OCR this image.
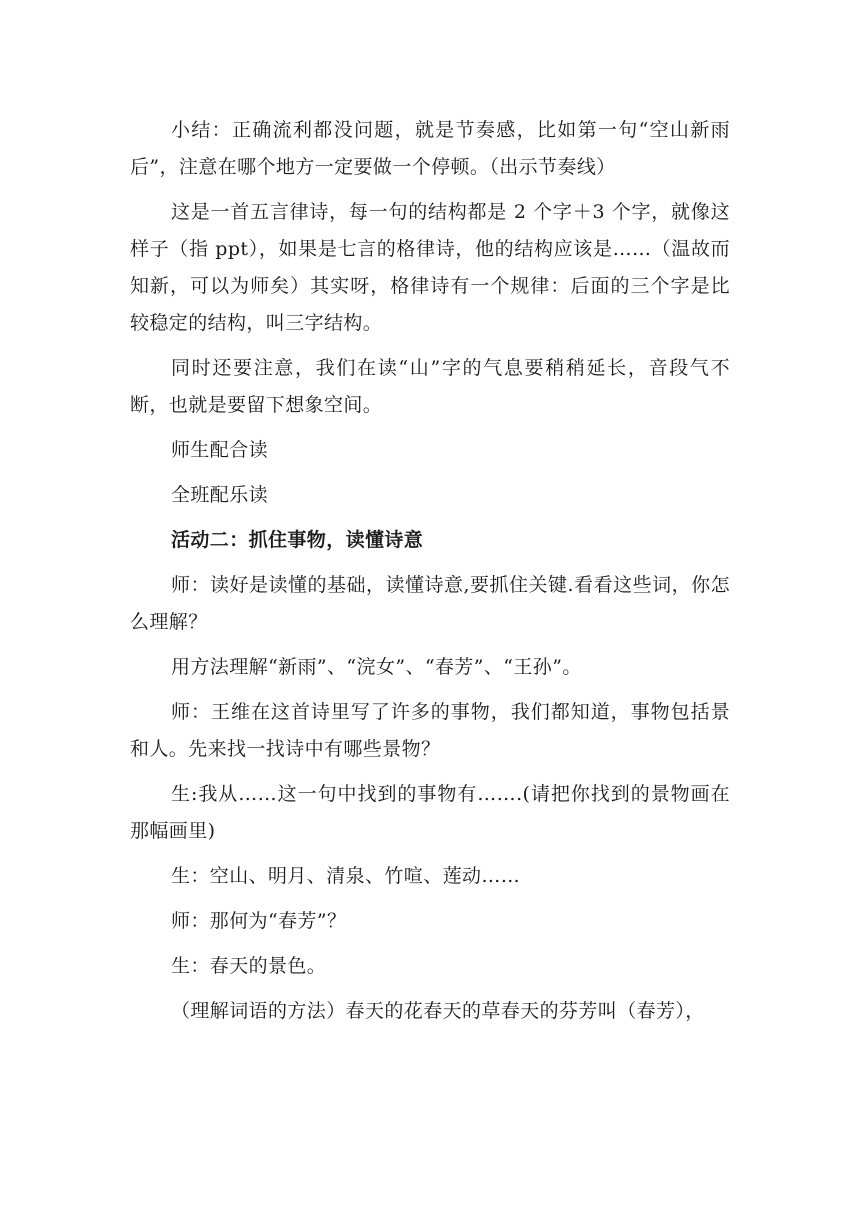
小结：正确流利都没问题，就是节奏感，比如第一句“空山新雨后”，注意在哪个地方一定要做一个停顿。（出示节奏线）

这是一首五言律诗，每一句的结构都是 2 个字＋3 个字，就像这样子（指 ppt），如果是七言的格律诗，他的结构应该是……（温故而知新，可以为师矣）其实呀，格律诗有一个规律：后面的三个字是比较稳定的结构，叫三字结构。

同时还要注意，我们在读“山”字的气息要稍稍延长，音段气不断，也就是要留下想象空间。

师生配合读

全班配乐读

活动二：抓住事物，读懂诗意

师：读好是读懂的基础，读懂诗意,要抓住关键.看看这些词，你怎么理解？

用方法理解“新雨”、“浣女”、“春芳”、“王孙”。

师：王维在这首诗里写了许多的事物，我们都知道，事物包括景和人。先来找一找诗中有哪些景物？

生:我从……这一句中找到的事物有…….(请把你找到的景物画在那幅画里)

生：空山、明月、清泉、竹喧、莲动……

师：那何为“春芳”？

生：春天的景色。

（理解词语的方法）春天的花春天的草春天的芬芳叫（春芳），
